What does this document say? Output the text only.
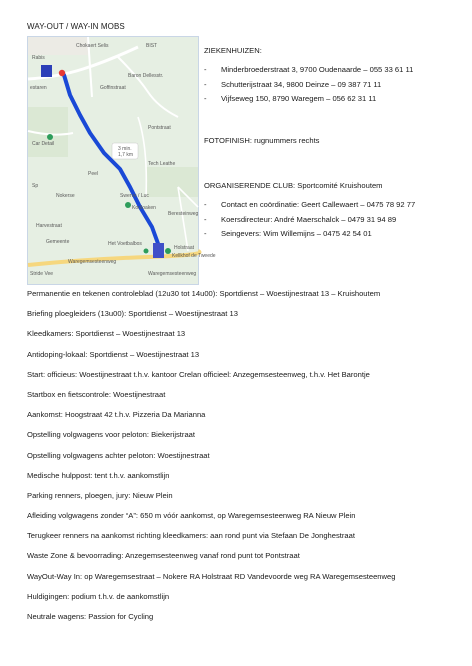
WAY-OUT / WAY-IN MOBS
3 min.
1,7 km
Chokaert Selis	BIST
Rabis
estaren	Goffinstraat
Baron Dellesstr.
Car Detail
Pontstraat
Sp
Nokerse
Peel
Tech Leathe
Kortloaken
Swerve / Luc
Beresteinweg
Harvestraat
Het Voetbalbos
Holstraat
Kellkhof de Tweede
Waregemsesteenweg
Waregemsesteenweg
Stride Vee
Gemeente
ZIEKENHUIZEN:
- Minderbroederstraat 3, 9700 Oudenaarde – 055 33 61 11
- Schutterijstraat 34, 9800 Deinze – 09 387 71 11
- Vijfseweg 150, 8790 Waregem – 056 62 31 11
FOTOFINISH: rugnummers rechts
ORGANISERENDE CLUB: Sportcomité Kruishoutem
- Contact en coördinatie: Geert Callewaert – 0475 78 92 77
- Koersdirecteur: André Maerschalck – 0479 31 94 89
- Seingevers: Wim Willemijns – 0475 42 54 01
Permanentie en tekenen controleblad (12u30 tot 14u00): Sportdienst – Woestijnestraat 13 – Kruishoutem
Briefing ploegleiders (13u00): Sportdienst – Woestijnestraat 13
Kleedkamers: Sportdienst – Woestijnestraat 13
Antidoping-lokaal: Sportdienst – Woestijnestraat 13
Start: officieus: Woestijnestraat t.h.v. kantoor Crelan officieel: Anzegemsesteenweg, t.h.v. Het Barontje
Startbox en fietscontrole: Woestijnestraat
Aankomst: Hoogstraat 42 t.h.v. Pizzeria Da Marianna
Opstelling volgwagens voor peloton: Biekerijstraat
Opstelling volgwagens achter peloton: Woestijnestraat
Medische hulppost: tent t.h.v. aankomstlijn
Parking renners, ploegen, jury: Nieuw Plein
Afleiding volgwagens zonder “A”: 650 m vóór aankomst, op Waregemsesteenweg RA Nieuw Plein
Terugkeer renners na aankomst richting kleedkamers: aan rond punt via Stefaan De Jonghestraat
Waste Zone & bevoorrading: Anzegemsesteenweg vanaf rond punt tot Pontstraat
WayOut-Way In: op Waregemsestraat – Nokere RA Holstraat RD Vandevoorde weg RA Waregemsesteenweg
Huldigingen: podium t.h.v. de aankomstlijn
Neutrale wagens: Passion for Cycling
